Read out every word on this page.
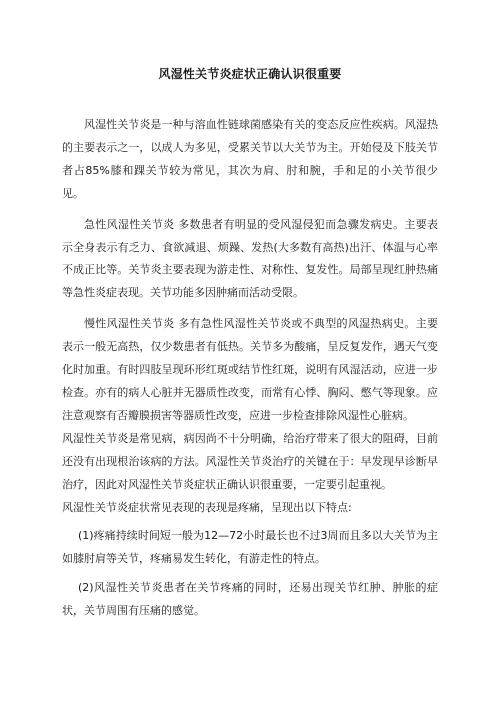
风湿性关节炎症状正确认识很重要

风湿性关节炎是一种与溶血性链球菌感染有关的变态反应性疾病。风湿热的主要表示之一，以成人为多见，受累关节以大关节为主。开始侵及下肢关节者占85%膝和踝关节较为常见，其次为肩、肘和腕，手和足的小关节很少见。

急性风湿性关节炎 多数患者有明显的受风湿侵犯而急骤发病史。主要表示全身表示有乏力、食欲减退、烦躁、发热(大多数有高热)出汗、体温与心率不成正比等。关节炎主要表现为游走性、对称性、复发性。局部呈现红肿热痛等急性炎症表现。关节功能多因肿痛而活动受限。

慢性风湿性关节炎 多有急性风湿性关节炎或不典型的风湿热病史。主要表示一般无高热，仅少数患者有低热。关节多为酸痛，呈反复发作，遇天气变化时加重。有时四肢呈现环形红斑或结节性红斑，说明有风湿活动，应进一步检查。亦有的病人心脏并无器质性改变，而常有心悸、胸闷、憋气等现象。应注意观察有否瓣膜损害等器质性改变，应进一步检查排除风湿性心脏病。

风湿性关节炎是常见病，病因尚不十分明确，给治疗带来了很大的阻碍，目前还没有出现根治该病的方法。风湿性关节炎治疗的关键在于：早发现早诊断早治疗，因此对风湿性关节炎症状正确认识很重要，一定要引起重视。

风湿性关节炎症状常见表现的表现是疼痛，呈现出以下特点:

(1)疼痛持续时间短一般为12—72小时最长也不过3周而且多以大关节为主如膝肘肩等关节，疼痛易发生转化，有游走性的特点。

(2)风湿性关节炎患者在关节疼痛的同时，还易出现关节红肿、肿胀的症状，关节周围有压痛的感觉。
